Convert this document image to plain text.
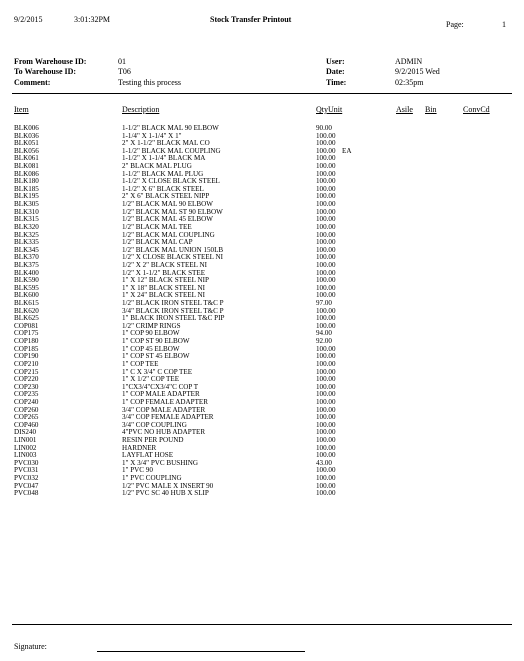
9/2/2015	3:01:32PM	Stock Transfer Printout
Page:	1
From Warehouse ID:	01
To Warehouse ID:	T06
Comment:	Testing this process
User:	ADMIN
Date:	9/2/2015 Wed
Time:	02:35pm
Item	Description	QtyUnit	Asile Bin	ConvCd
BLK006	1-1/2" BLACK MAL 90 ELBOW	90.00
BLK036	1-1/4" X 1-1/4" X 1"	100.00
BLK051	2" X 1-1/2" BLACK MAL CO	100.00
BLK056	1-1/2" BLACK MAL COUPLING	100.00 EA
BLK061	1-1/2" X 1-1/4" BLACK MA	100.00
BLK081	2" BLACK MAL PLUG	100.00
BLK086	1-1/2" BLACK MAL PLUG	100.00
BLK180	1-1/2" X CLOSE BLACK STEEL	100.00
BLK185	1-1/2" X 6" BLACK STEEL	100.00
BLK195	2" X 6" BLACK STEEL NIPP	100.00
BLK305	1/2" BLACK MAL 90 ELBOW	100.00
BLK310	1/2" BLACK MAL ST 90 ELBOW	100.00
BLK315	1/2" BLACK MAL 45 ELBOW	100.00
BLK320	1/2" BLACK MAL TEE	100.00
BLK325	1/2" BLACK MAL COUPLING	100.00
BLK335	1/2" BLACK MAL CAP	100.00
BLK345	1/2" BLACK MAL UNION 150LB	100.00
BLK370	1/2" X CLOSE BLACK STEEL NI	100.00
BLK375	1/2" X 2" BLACK STEEL NI	100.00
BLK400	1/2" X 1-1/2" BLACK STEE	100.00
BLK590	1" X 12" BLACK STEEL NIP	100.00
BLK595	1" X 18" BLACK STEEL NI	100.00
BLK600	1" X 24" BLACK STEEL NI	100.00
BLK615	1/2" BLACK IRON STEEL T&C P	97.00
BLK620	3/4" BLACK IRON STEEL T&C P	100.00
BLK625	1" BLACK IRON STEEL T&C PIP	100.00
COP081	1/2" CRIMP RINGS	100.00
COP175	1" COP 90 ELBOW	94.00
COP180	1" COP ST 90 ELBOW	92.00
COP185	1" COP 45 ELBOW	100.00
COP190	1" COP ST 45 ELBOW	100.00
COP210	1" COP TEE	100.00
COP215	1" C X 3/4" C COP TEE	100.00
COP220	1" X 1/2" COP TEE	100.00
COP230	1"CX3/4"CX3/4"C COP T	100.00
COP235	1" COP MALE ADAPTER	100.00
COP240	1" COP FEMALE ADAPTER	100.00
COP260	3/4" COP MALE ADAPTER	100.00
COP265	3/4" COP FEMALE ADAPTER	100.00
COP460	3/4" COP COUPLING	100.00
DIS240	4"PVC NO HUB ADAPTER	100.00
LIN001	RESIN PER POUND	100.00
LIN002	HARDNER	100.00
LIN003	LAYFLAT HOSE	100.00
PVC030	1" X 3/4" PVC BUSHING	43.00
PVC031	1" PVC 90	100.00
PVC032	1" PVC COUPLING	100.00
PVC047	1/2" PVC MALE X INSERT 90	100.00
PVC048	1/2" PVC SC 40 HUB X SLIP	100.00
Signature:
